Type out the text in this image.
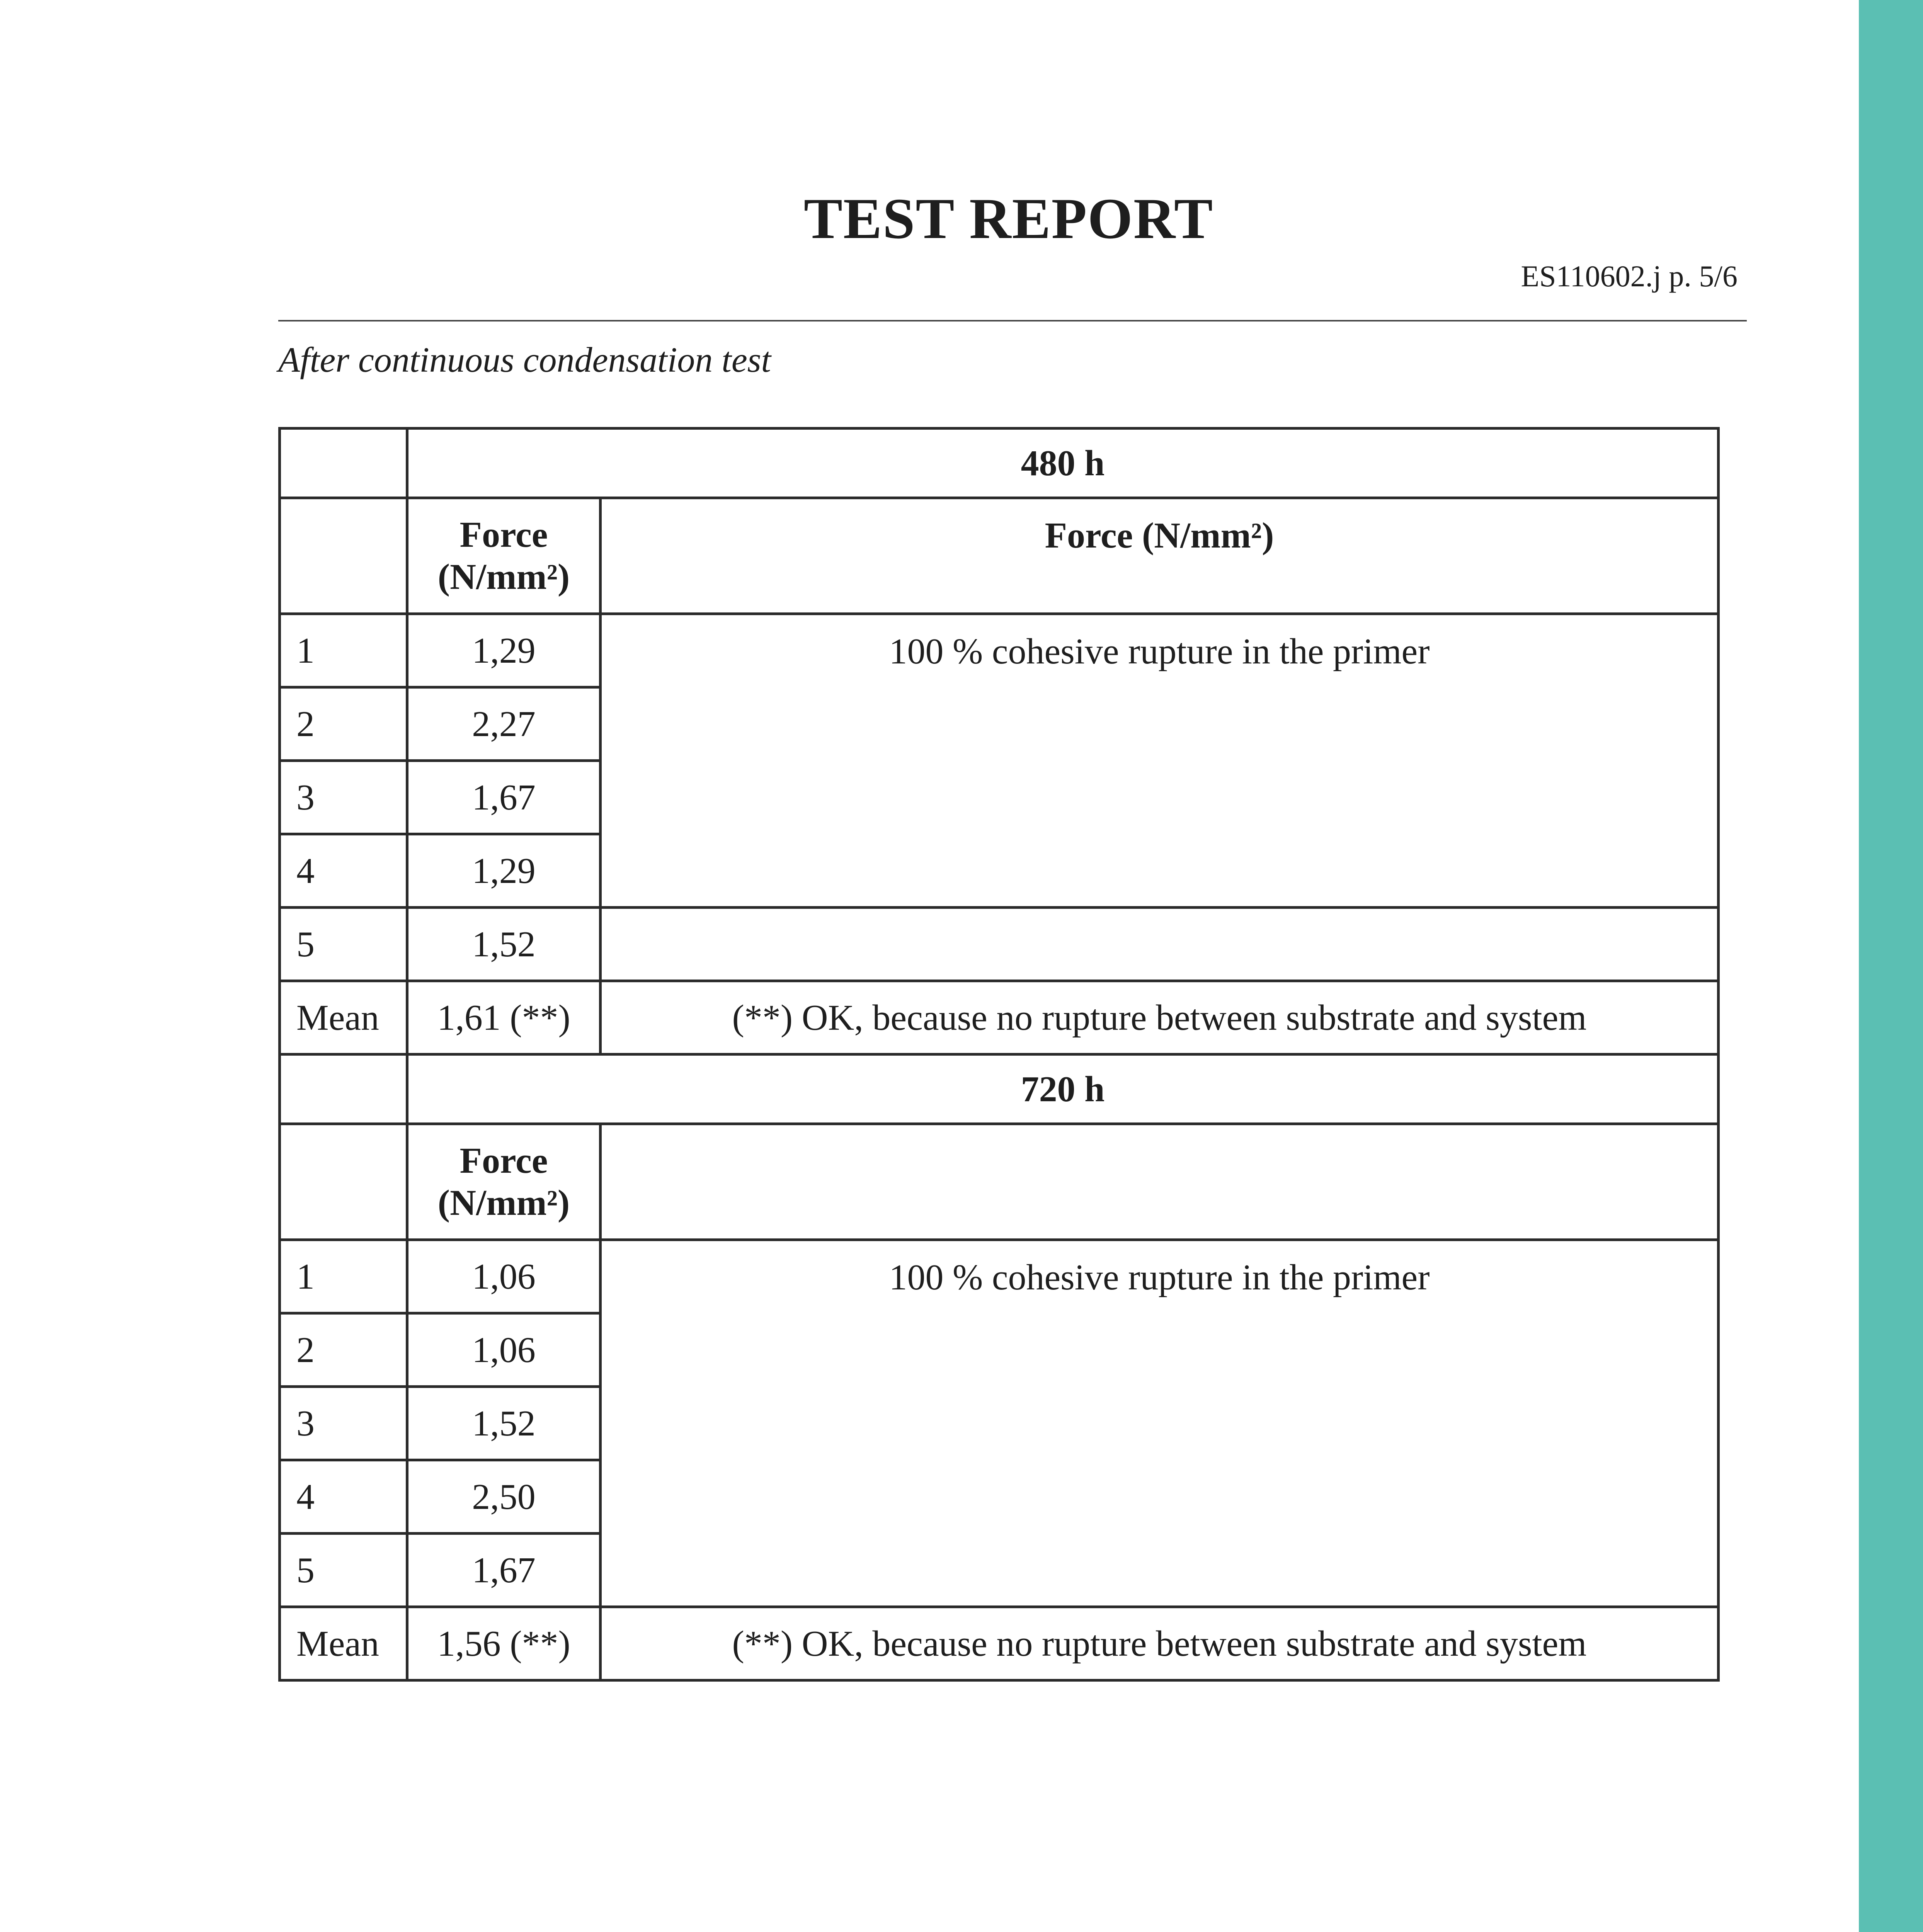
TEST REPORT
ES110602.j p. 5/6
After continuous condensation test
	480 h	
	Force (N/mm²)	Force (N/mm²)
1	1,29	100 % cohesive rupture in the primer
2	2,27	
3	1,67	
4	1,29	
5	1,52	
Mean	1,61 (**)	(**) OK, because no rupture between substrate and system
	720 h	
	Force (N/mm²)	
1	1,06	100 % cohesive rupture in the primer
2	1,06	
3	1,52	
4	2,50	
5	1,67	
Mean	1,56 (**)	(**) OK, because no rupture between substrate and system
